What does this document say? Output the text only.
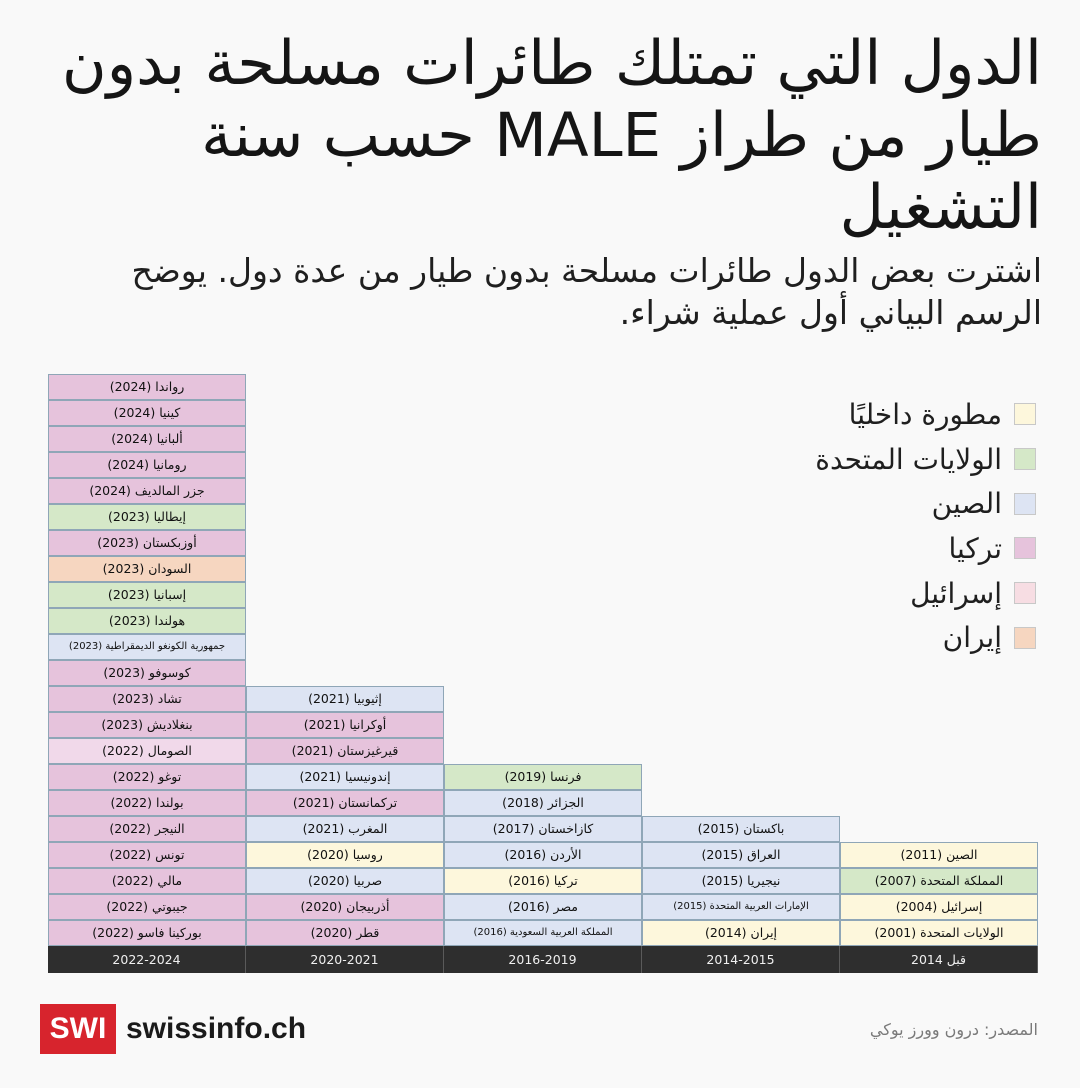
الدول التي تمتلك طائرات مسلحة بدون طيار من طراز MALE حسب سنة التشغيل

اشترت بعض الدول طائرات مسلحة بدون طيار من عدة دول. يوضح الرسم البياني أول عملية شراء.

مطورة داخليًا
الولايات المتحدة
الصين
تركيا
إسرائيل
إيران
بوركينا فاسو (2022)
جيبوتي (2022)
مالي (2022)
تونس (2022)
النيجر (2022)
بولندا (2022)
توغو (2022)
الصومال (2022)
بنغلاديش (2023)
تشاد (2023)
كوسوفو (2023)
جمهورية الكونغو الديمقراطية (2023)
هولندا (2023)
إسبانيا (2023)
السودان (2023)
أوزبكستان (2023)
إيطاليا (2023)
جزر المالديف (2024)
رومانيا (2024)
ألبانيا (2024)
كينيا (2024)
رواندا (2024)
2022-2024
قطر (2020)
أذربيجان (2020)
صربيا (2020)
روسيا (2020)
المغرب (2021)
تركمانستان (2021)
إندونيسيا (2021)
قيرغيزستان (2021)
أوكرانيا (2021)
إثيوبيا (2021)
2020-2021
المملكة العربية السعودية (2016)
مصر (2016)
تركيا (2016)
الأردن (2016)
كازاخستان (2017)
الجزائر (2018)
فرنسا (2019)
2016-2019
إيران (2014)
الإمارات العربية المتحدة (2015)
نيجيريا (2015)
العراق (2015)
باكستان (2015)
2014-2015
الولايات المتحدة (2001)
إسرائيل (2004)
المملكة المتحدة (2007)
الصين (2011)
قبل 2014
SWI swissinfo.ch	المصدر: درون وورز يوكي
